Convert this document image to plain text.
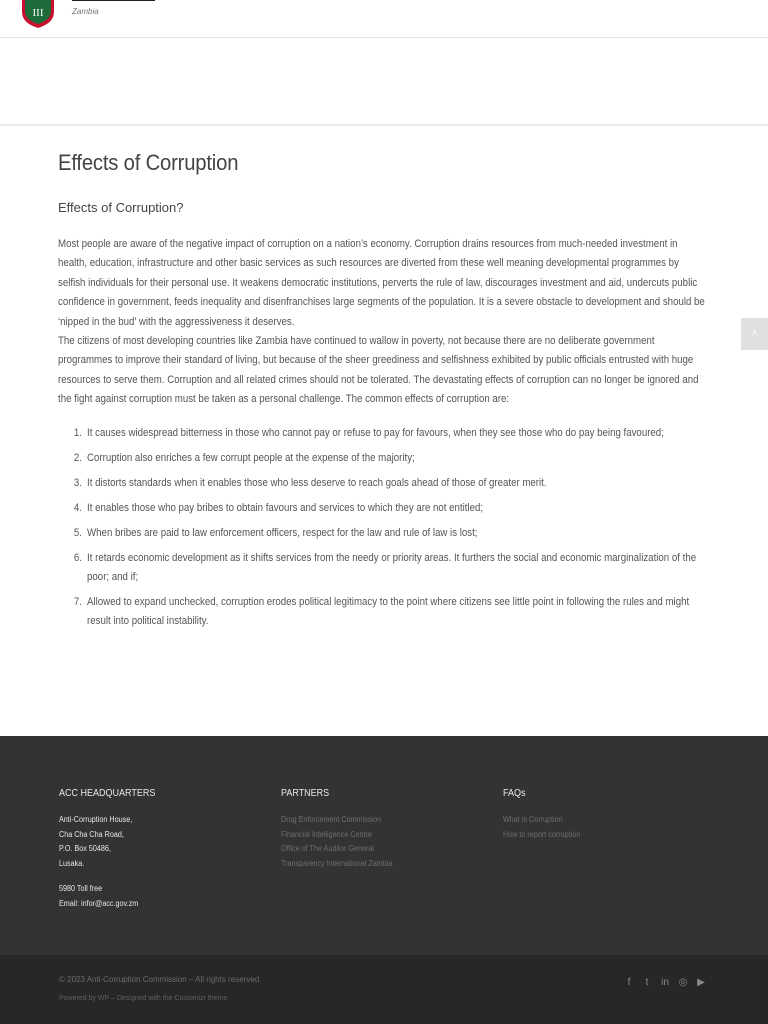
III	Zambia
Effects of Corruption
Effects of Corruption?

Most people are aware of the negative impact of corruption on a nation’s economy. Corruption drains resources from much-needed investment in health, education, infrastructure and other basic services as such resources are diverted from these well meaning developmental programmes by selfish individuals for their personal use. It weakens democratic institutions, perverts the rule of law, discourages investment and aid, undercuts public confidence in government, feeds inequality and disenfranchises large segments of the population. It is a severe obstacle to development and should be ‘nipped in the bud’ with the aggressiveness it deserves.

The citizens of most developing countries like Zambia have continued to wallow in poverty, not because there are no deliberate government programmes to improve their standard of living, but because of the sheer greediness and selfishness exhibited by public officials entrusted with huge resources to serve them. Corruption and all related crimes should not be tolerated. The devastating effects of corruption can no longer be ignored and the fight against corruption must be taken as a personal challenge. The common effects of corruption are:

1. It causes widespread bitterness in those who cannot pay or refuse to pay for favours, when they see those who do pay being favoured;
2. Corruption also enriches a few corrupt people at the expense of the majority;
3. It distorts standards when it enables those who less deserve to reach goals ahead of those of greater merit.
4. It enables those who pay bribes to obtain favours and services to which they are not entitled;
5. When bribes are paid to law enforcement officers, respect for the law and rule of law is lost;
6. It retards economic development as it shifts services from the needy or priority areas. It furthers the social and economic marginalization of the poor; and if;
7. Allowed to expand unchecked, corruption erodes political legitimacy to the point where citizens see little point in following the rules and might result into political instability.
˄
ACC HEADQUARTERS
Anti-Corruption House,
Cha Cha Cha Road,
P.O. Box 50486,
Lusaka.
5980 Toll free
Email: infor@acc.gov.zm
PARTNERS
Drug Enforcement Commission
Financial Intelligence Centre
Office of The Auditor General
Transparency International Zambia
FAQs
What is Corruption
How to report corruption
© 2023 Anti-Corruption Commission – All rights reserved
Powered by WP – Designed with the Customizr theme
f	t	in ◎ ▶
